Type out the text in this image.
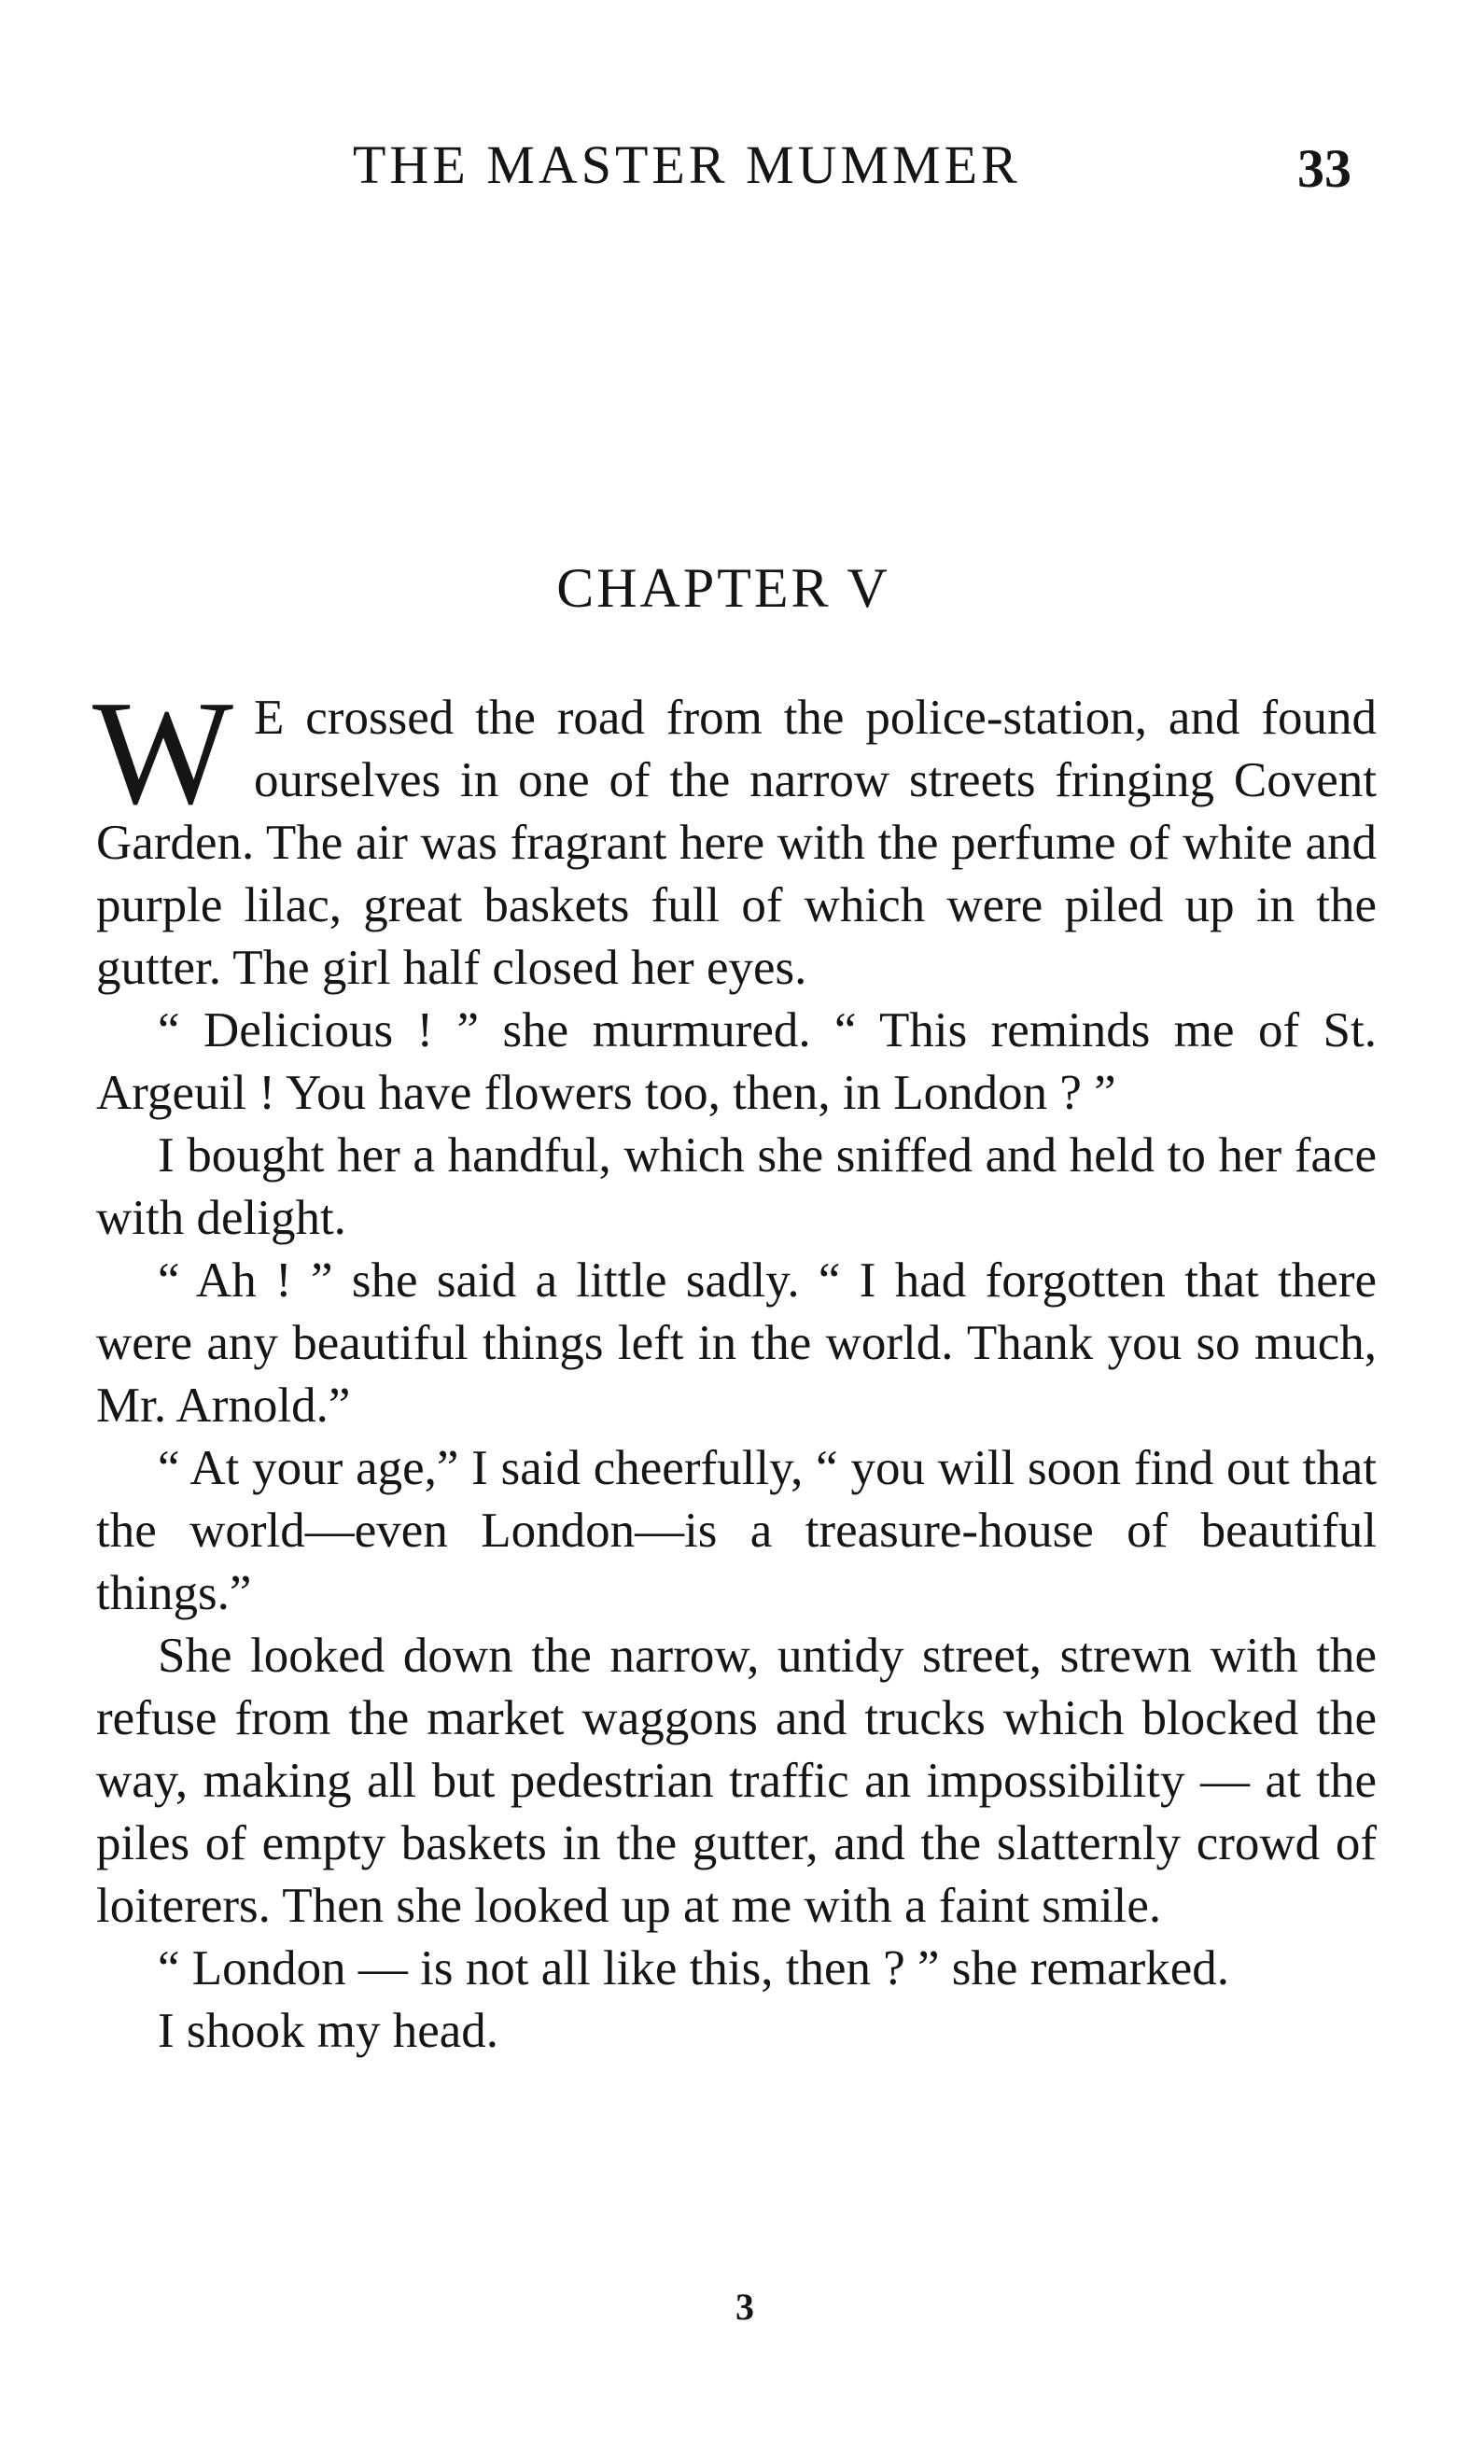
THE MASTER MUMMER	33
CHAPTER V

W E crossed the road from the police-station, and found ourselves in one of the narrow streets fringing Covent Garden. The air was fragrant here with the perfume of white and purple lilac, great baskets full of which were piled up in the gutter. The girl half closed her eyes.

“ Delicious ! ” she murmured. “ This reminds me of St. Argeuil ! You have flowers too, then, in London ? ”

I bought her a handful, which she sniffed and held to her face with delight.

“ Ah ! ” she said a little sadly. “ I had forgotten that there were any beautiful things left in the world. Thank you so much, Mr. Arnold.”

“ At your age,” I said cheerfully, “ you will soon find out that the world—even London—is a treasure-house of beautiful things.”

She looked down the narrow, untidy street, strewn with the refuse from the market waggons and trucks which blocked the way, making all but pedestrian traffic an impossibility — at the piles of empty baskets in the gutter, and the slatternly crowd of loiterers. Then she looked up at me with a faint smile.

“ London — is not all like this, then ? ” she remarked.

I shook my head.

3
